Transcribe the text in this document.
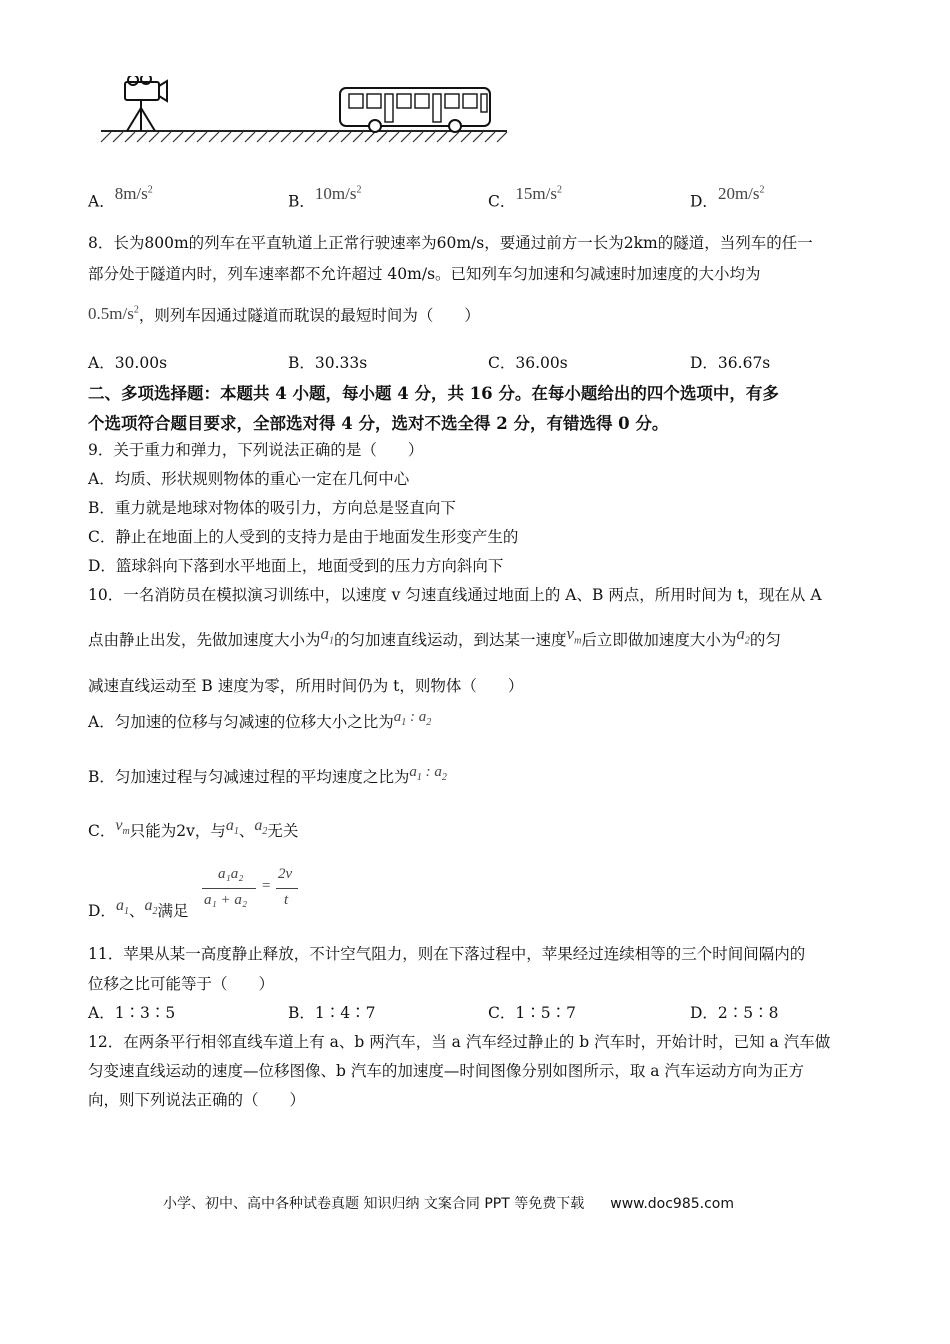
A．$8m/s^2$
B．$10m/s^2$
C．$15m/s^2$
D．$20m/s^2$
8．长为800m的列车在平直轨道上正常行驶速率为60m/s，要通过前方一长为2km的隧道，当列车的任一
部分处于隧道内时，列车速率都不允许超过 40m/s。已知列车匀加速和匀减速时加速度的大小均为
$0.5m/s^2$，则列车因通过隧道而耽误的最短时间为（　　）
A．30.00s	B．30.33s	C．36.00s	D．36.67s
二、多项选择题：本题共 4 小题，每小题 4 分，共 16 分。在每小题给出的四个选项中，有多
个选项符合题目要求，全部选对得 4 分，选对不选全得 2 分，有错选得 0 分。
9．关于重力和弹力，下列说法正确的是（　　）
A．均质、形状规则物体的重心一定在几何中心
B．重力就是地球对物体的吸引力，方向总是竖直向下
C．静止在地面上的人受到的支持力是由于地面发生形变产生的
D．篮球斜向下落到水平地面上，地面受到的压力方向斜向下
10．一名消防员在模拟演习训练中，以速度 v 匀速直线通过地面上的 A、B 两点，所用时间为 t，现在从 A
点由静止出发，先做加速度大小为$a_1$的匀加速直线运动，到达某一速度$v_m$后立即做加速度大小为$a_2$的匀
减速直线运动至 B 速度为零，所用时间仍为 t，则物体（　　）
A．匀加速的位移与匀减速的位移大小之比为$a_1$ : $a_2$
B．匀加速过程与匀减速过程的平均速度之比为$a_1$ : $a_2$
C．$v_m$只能为2v，与$a_1$、$a_2$无关
D．$a_1$、$a_2$满足
a₁a₂
a₁ + a₂
=
2v
t
11．苹果从某一高度静止释放，不计空气阻力，则在下落过程中，苹果经过连续相等的三个时间间隔内的
位移之比可能等于（　　）
A．1∶3∶5	B．1∶4∶7	C．1∶5∶7	D．2∶5∶8
12．在两条平行相邻直线车道上有 a、b 两汽车，当 a 汽车经过静止的 b 汽车时，开始计时，已知 a 汽车做
匀变速直线运动的速度—位移图像、b 汽车的加速度—时间图像分别如图所示，取 a 汽车运动方向为正方
向，则下列说法正确的（　　）
小学、初中、高中各种试卷真题 知识归纳 文案合同 PPT 等免费下载 www.doc985.com
